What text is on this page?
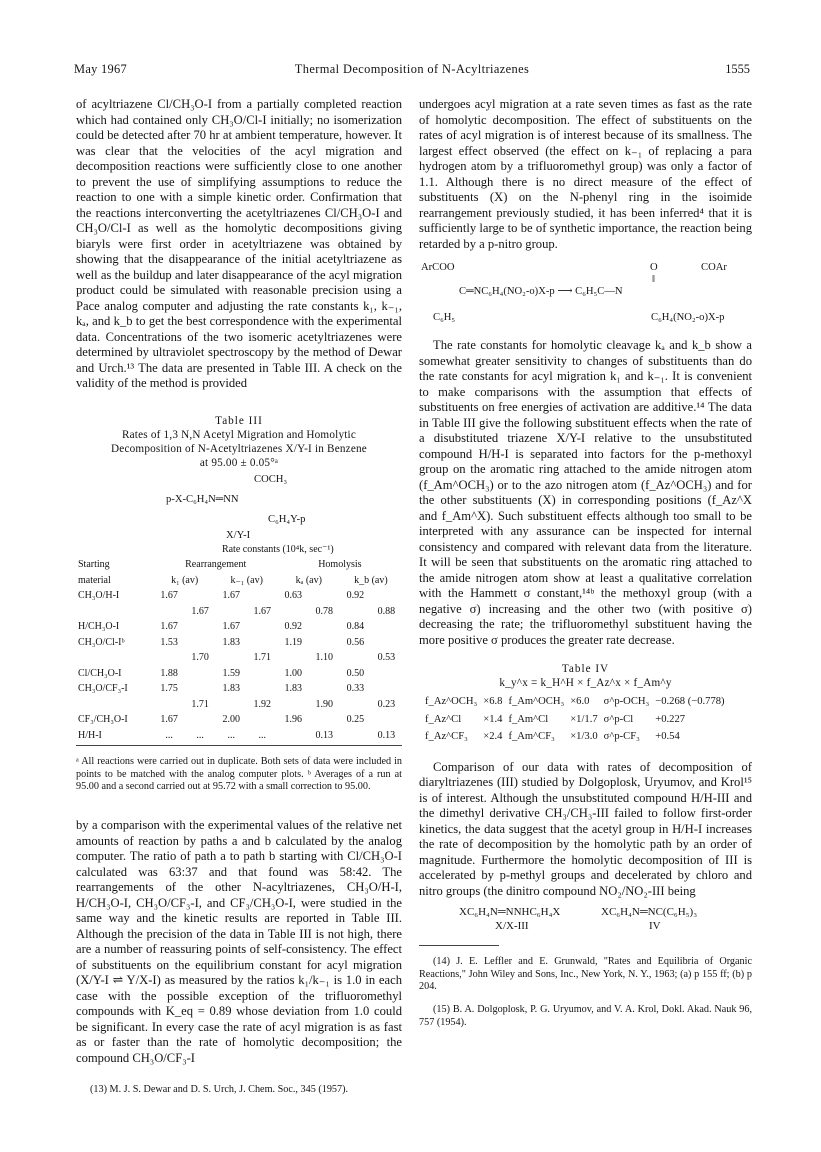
May 1967	Thermal Decomposition of N-Acyltriazenes	1555

of acyltriazene Cl/CH₃O-I from a partially completed reaction which had contained only CH₃O/Cl-I initially; no isomerization could be detected after 70 hr at ambient temperature, however. It was clear that the velocities of the acyl migration and decomposition reactions were sufficiently close to one another to prevent the use of simplifying assumptions to reduce the reaction to one with a simple kinetic order. Confirmation that the reactions interconverting the acetyltriazenes Cl/CH₃O-I and CH₃O/Cl-I as well as the homolytic decompositions giving biaryls were first order in acetyltriazene was obtained by showing that the disappearance of the initial acetyltriazene as well as the buildup and later disappearance of the acyl migration product could be simulated with reasonable precision using a Pace analog computer and adjusting the rate constants k₁, k₋₁, kₐ, and k_b to get the best correspondence with the experimental data. Concentrations of the two isomeric acetyltriazenes were determined by ultraviolet spectroscopy by the method of Dewar and Urch.¹³ The data are presented in Table III. A check on the validity of the method is provided

Table III
Rates of 1,3 N,N Acetyl Migration and Homolytic
Decomposition of N-Acetyltriazenes X/Y-I in Benzene
at 95.00 ± 0.05°ᵃ
COCH₃
p-X-C₆H₄N═NN
C₆H₄Y-p
X/Y-I
	Rate constants (10⁴k, sec⁻¹)							
Starting	Rearrangement				Homolysis			
material	k₁ (av)		k₋₁ (av)		kₐ (av)		k_b (av)	
CH₃O/H-I	1.67		1.67		0.63		0.92	
		1.67		1.67		0.78		0.88
H/CH₃O-I	1.67		1.67		0.92		0.84	
CH₃O/Cl-Iᵇ	1.53		1.83		1.19		0.56	
		1.70		1.71		1.10		0.53
Cl/CH₃O-I	1.88		1.59		1.00		0.50	
CH₃O/CF₃-I	1.75		1.83		1.83		0.33	
		1.71		1.92		1.90		0.23
CF₃/CH₃O-I	1.67		2.00		1.96		0.25	
H/H-I	...	...	...	...		0.13		0.13

ᵃ All reactions were carried out in duplicate. Both sets of data were included in points to be matched with the analog computer plots. ᵇ Averages of a run at 95.00 and a second carried out at 95.72 with a small correction to 95.00.

by a comparison with the experimental values of the relative net amounts of reaction by paths a and b calculated by the analog computer. The ratio of path a to path b starting with Cl/CH₃O-I calculated was 63:37 and that found was 58:42. The rearrangements of the other N-acyltriazenes, CH₃O/H-I, H/CH₃O-I, CH₃O/CF₃-I, and CF₃/CH₃O-I, were studied in the same way and the kinetic results are reported in Table III. Although the precision of the data in Table III is not high, there are a number of reassuring points of self-consistency. The effect of substituents on the equilibrium constant for acyl migration (X/Y-I ⇌ Y/X-I) as measured by the ratios k₁/k₋₁ is 1.0 in each case with the possible exception of the trifluoromethyl compounds with K_eq = 0.89 whose deviation from 1.0 could be significant. In every case the rate of acyl migration is as fast as or faster than the rate of homolytic decomposition; the compound CH₃O/CF₃-I

(13) M. J. S. Dewar and D. S. Urch, J. Chem. Soc., 345 (1957).

undergoes acyl migration at a rate seven times as fast as the rate of homolytic decomposition. The effect of substituents on the rates of acyl migration is of interest because of its smallness. The largest effect observed (the effect on k₋₁ of replacing a para hydrogen atom by a trifluoromethyl group) was only a factor of 1.1. Although there is no direct measure of the effect of substituents (X) on the N-phenyl ring in the isoimide rearrangement previously studied, it has been inferred⁴ that it is sufficiently large to be of synthetic importance, the reaction being retarded by a p-nitro group.

ArCOO	O	COAr
‖
C═NC₆H₄(NO₂-o)X-p ⟶ C₆H₅C—N
C₆H₅	C₆H₄(NO₂-o)X-p

The rate constants for homolytic cleavage kₐ and k_b show a somewhat greater sensitivity to changes of substituents than do the rate constants for acyl migration k₁ and k₋₁. It is convenient to make comparisons with the assumption that effects of substituents on free energies of activation are additive.¹⁴ The data in Table III give the following substituent effects when the rate of a disubstituted triazene X/Y-I relative to the unsubstituted compound H/H-I is separated into factors for the p-methoxyl group on the aromatic ring attached to the amide nitrogen atom (f_Am^OCH₃) or to the azo nitrogen atom (f_Az^OCH₃) and for the other substituents (X) in corresponding positions (f_Az^X and f_Am^X). Such substituent effects although too small to be interpreted with any assurance can be inspected for internal consistency and compared with relevant data from the literature. It will be seen that substituents on the aromatic ring attached to the amide nitrogen atom show at least a qualitative correlation with the Hammett σ constant,¹⁴ᵇ the methoxyl group (with a negative σ) increasing and the other two (with positive σ) decreasing the rate; the trifluoromethyl substituent having the more positive σ produces the greater rate decrease.

Table IV
k_y^x = k_H^H × f_Az^x × f_Am^y
f_Az^OCH₃	×6.8	f_Am^OCH₃	×6.0	σ^p-OCH₃	−0.268 (−0.778)
f_Az^Cl	×1.4	f_Am^Cl	×1/1.7	σ^p-Cl	+0.227
f_Az^CF₃	×2.4	f_Am^CF₃	×1/3.0	σ^p-CF₃	+0.54

Comparison of our data with rates of decomposition of diaryltriazenes (III) studied by Dolgoplosk, Uryumov, and Krol¹⁵ is of interest. Although the unsubstituted compound H/H-III and the dimethyl derivative CH₃/CH₃-III failed to follow first-order kinetics, the data suggest that the acetyl group in H/H-I increases the rate of decomposition by the homolytic path by an order of magnitude. Furthermore the homolytic decomposition of III is accelerated by p-methyl groups and decelerated by chloro and nitro groups (the dinitro compound NO₂/NO₂-III being

XC₆H₄N═NNHC₆H₄X
X/X-III
XC₆H₄N═NC(C₆H₅)₃
IV

(14) J. E. Leffler and E. Grunwald, "Rates and Equilibria of Organic Reactions," John Wiley and Sons, Inc., New York, N. Y., 1963; (a) p 155 ff; (b) p 204.

(15) B. A. Dolgoplosk, P. G. Uryumov, and V. A. Krol, Dokl. Akad. Nauk 96, 757 (1954).
